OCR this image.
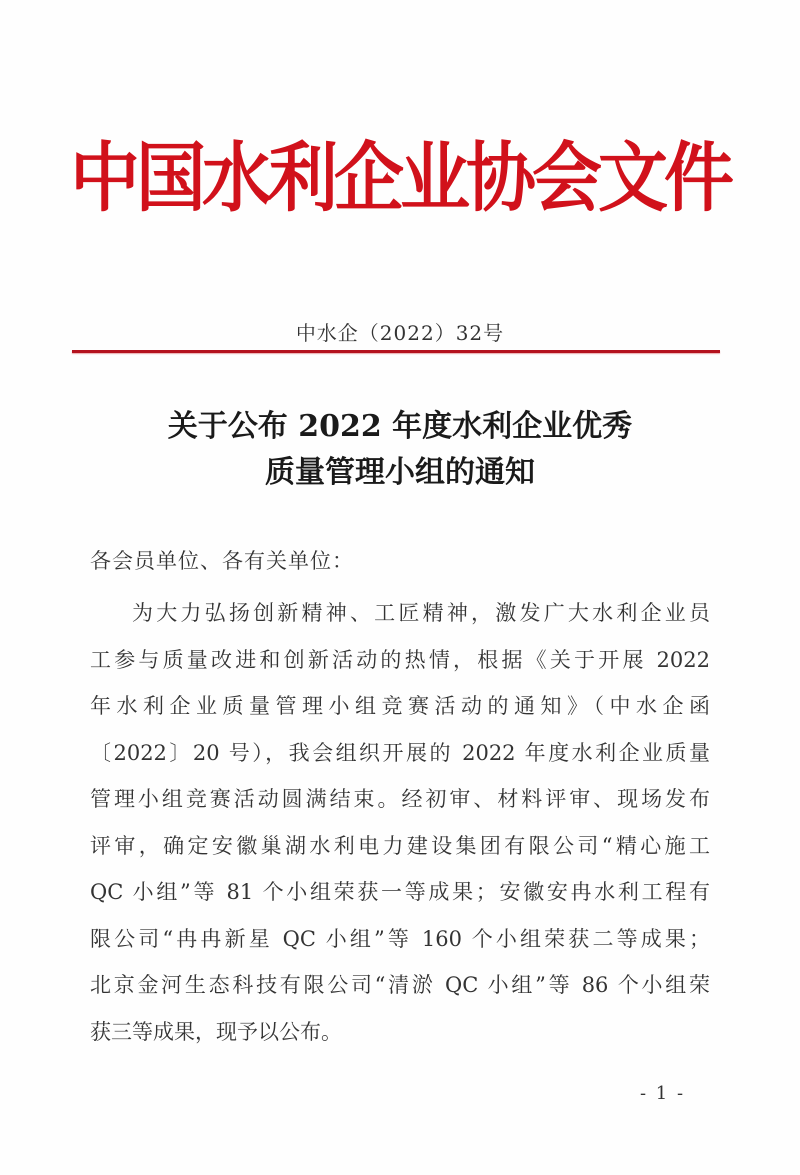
中国水利企业协会文件
中水企（2022）32号
关于公布 2022 年度水利企业优秀
质量管理小组的通知
各会员单位、各有关单位：
为大力弘扬创新精神、工匠精神，激发广大水利企业员
工参与质量改进和创新活动的热情，根据《关于开展 2022
年水利企业质量管理小组竞赛活动的通知》（中水企函
〔2022〕20 号），我会组织开展的 2022 年度水利企业质量
管理小组竞赛活动圆满结束。经初审、材料评审、现场发布
评审，确定安徽巢湖水利电力建设集团有限公司“精心施工
QC 小组”等 81 个小组荣获一等成果；安徽安冉水利工程有
限公司“冉冉新星 QC 小组”等 160 个小组荣获二等成果；
北京金河生态科技有限公司“清淤 QC 小组”等 86 个小组荣
获三等成果，现予以公布。
- 1 -
